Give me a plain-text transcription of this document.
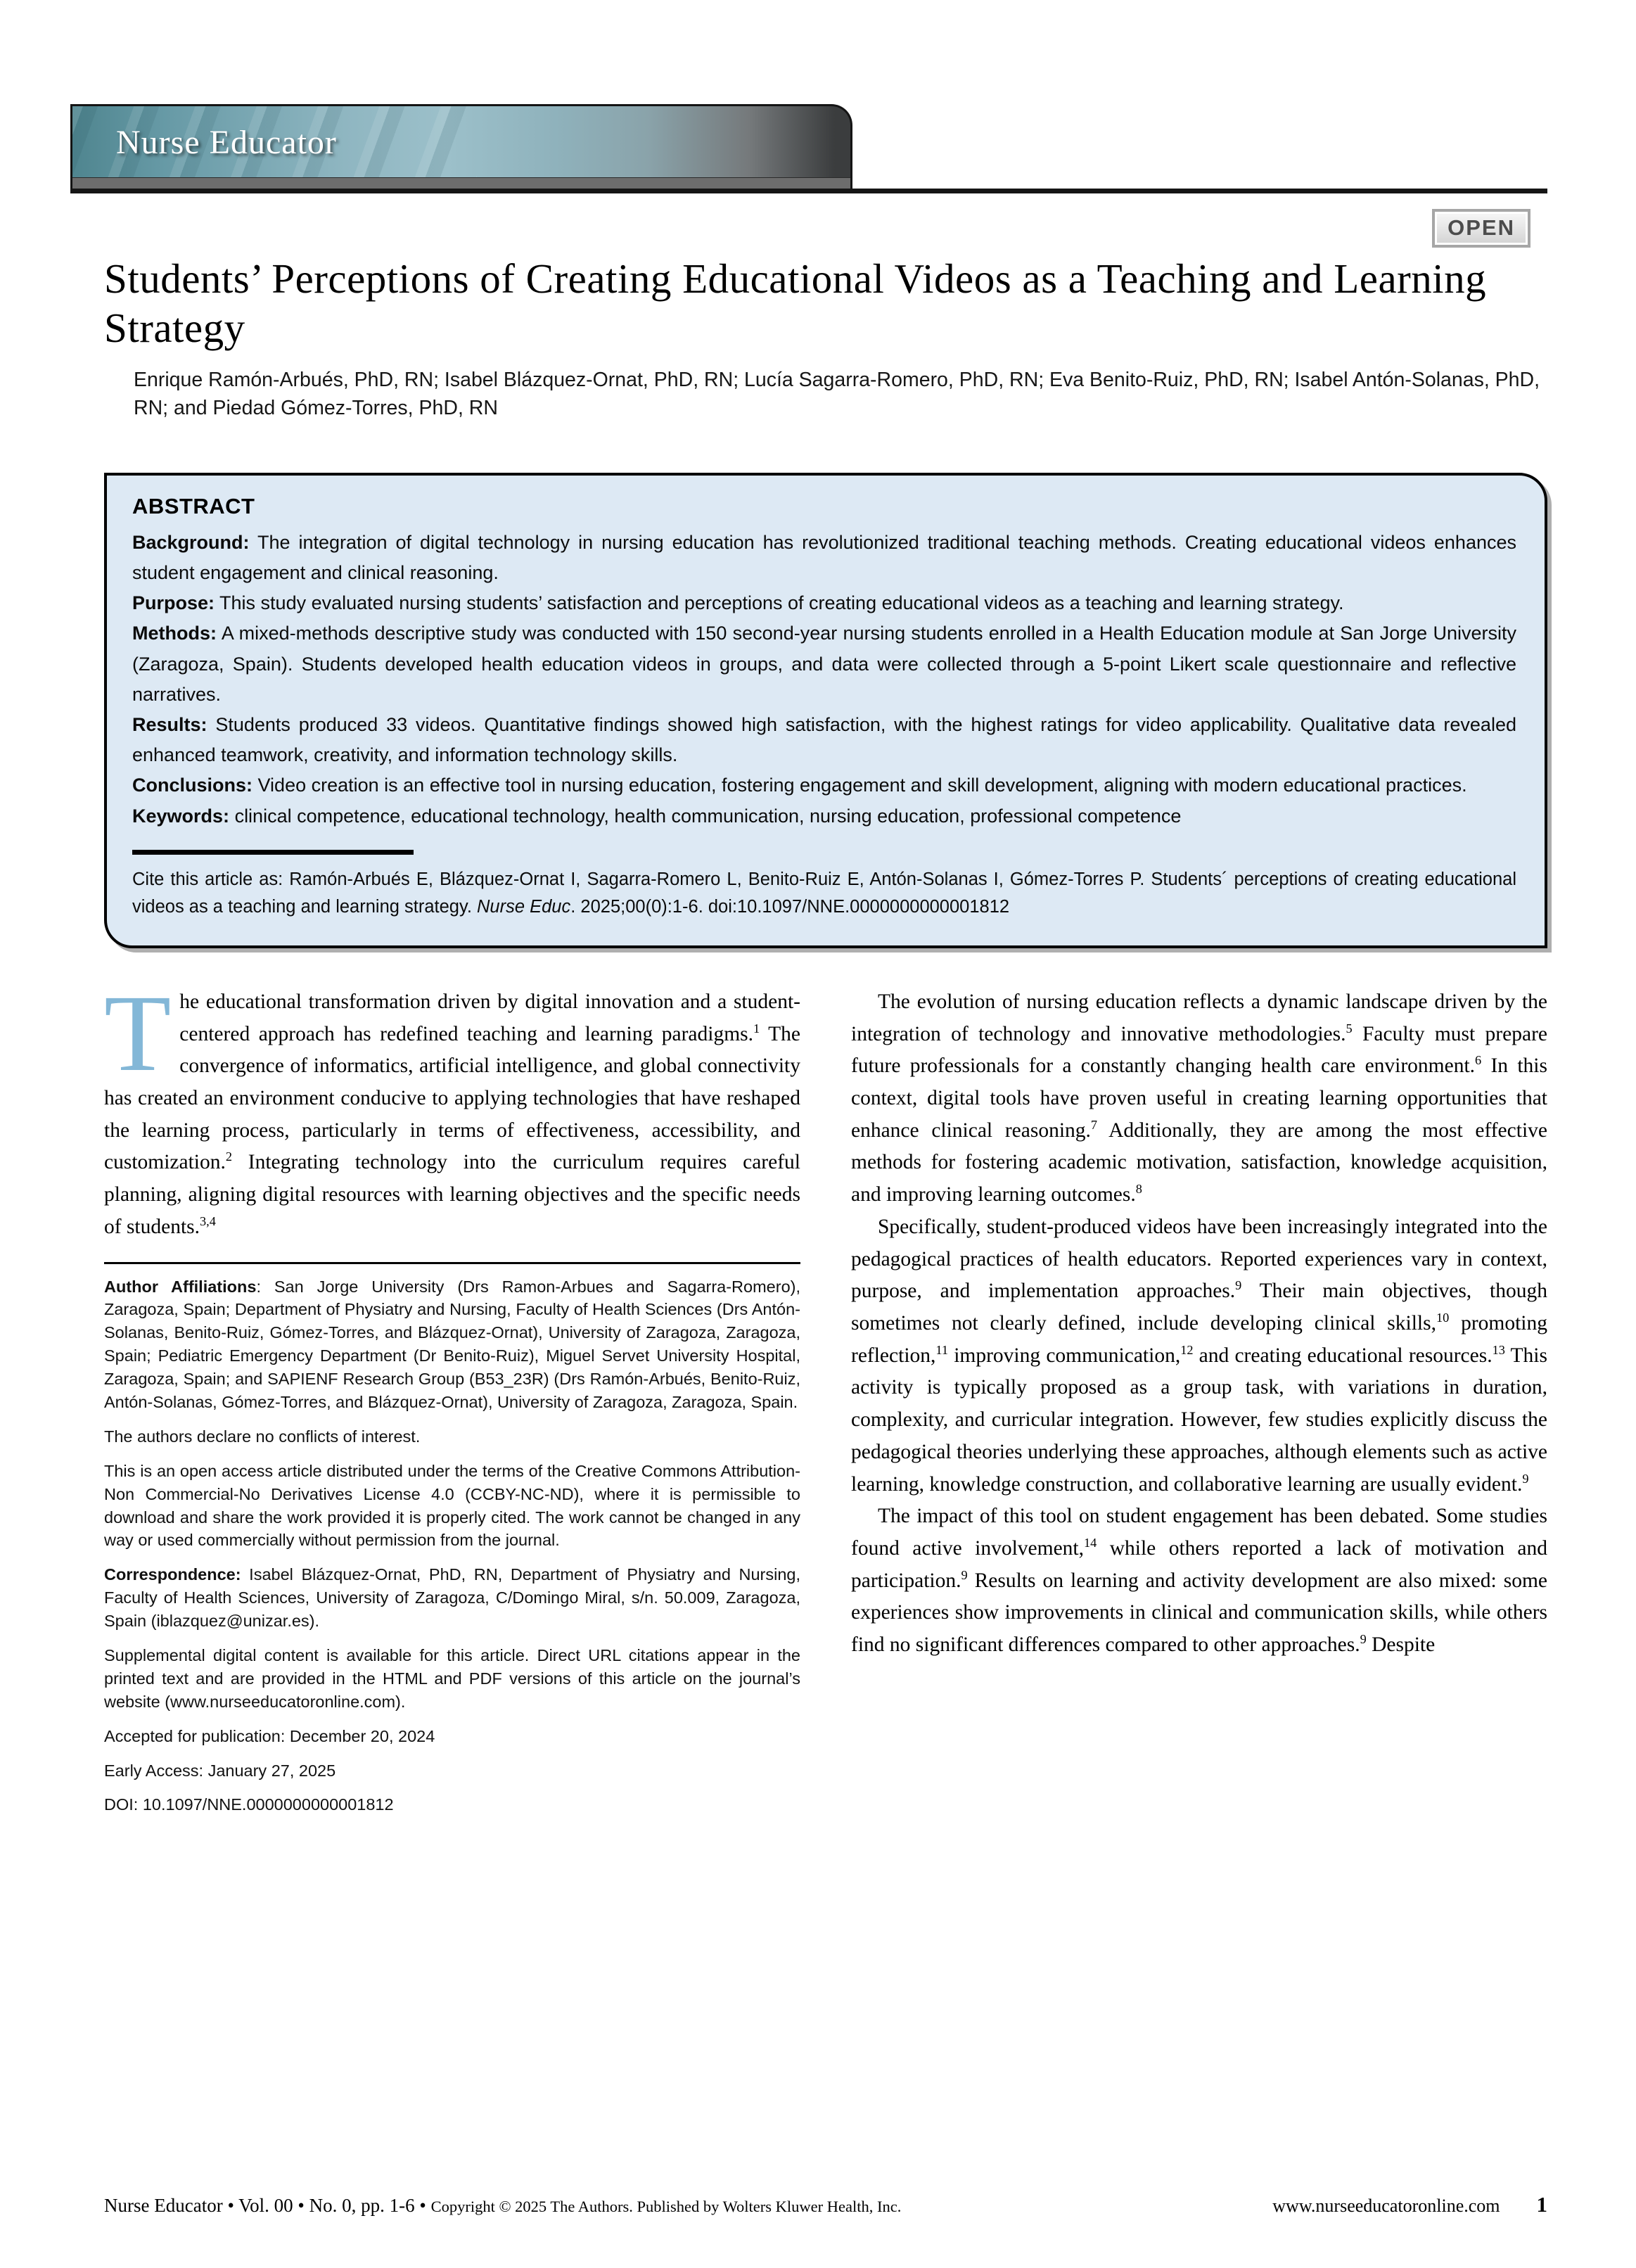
Nurse Educator
OPEN
Students’ Perceptions of Creating Educational Videos as a Teaching and Learning Strategy

Enrique Ramón-Arbués, PhD, RN; Isabel Blázquez-Ornat, PhD, RN; Lucía Sagarra-Romero, PhD, RN; Eva Benito-Ruiz, PhD, RN; Isabel Antón-Solanas, PhD, RN; and Piedad Gómez-Torres, PhD, RN

ABSTRACT

Background: The integration of digital technology in nursing education has revolutionized traditional teaching methods. Creating educational videos enhances student engagement and clinical reasoning.

Purpose: This study evaluated nursing students’ satisfaction and perceptions of creating educational videos as a teaching and learning strategy.

Methods: A mixed-methods descriptive study was conducted with 150 second-year nursing students enrolled in a Health Education module at San Jorge University (Zaragoza, Spain). Students developed health education videos in groups, and data were collected through a 5-point Likert scale questionnaire and reflective narratives.

Results: Students produced 33 videos. Quantitative findings showed high satisfaction, with the highest ratings for video applicability. Qualitative data revealed enhanced teamwork, creativity, and information technology skills.

Conclusions: Video creation is an effective tool in nursing education, fostering engagement and skill development, aligning with modern educational practices.

Keywords: clinical competence, educational technology, health communication, nursing education, professional competence

Cite this article as: Ramón-Arbués E, Blázquez-Ornat I, Sagarra-Romero L, Benito-Ruiz E, Antón-Solanas I, Gómez-Torres P. Students´ perceptions of creating educational videos as a teaching and learning strategy. Nurse Educ. 2025;00(0):1-6. doi:10.1097/NNE.0000000000001812

The educational transformation driven by digital innovation and a student-centered approach has redefined teaching and learning paradigms.$^1$ The convergence of informatics, artificial intelligence, and global connectivity has created an environment conducive to applying technologies that have reshaped the learning process, particularly in terms of effectiveness, accessibility, and customization.$^2$ Integrating technology into the curriculum requires careful planning, aligning digital resources with learning objectives and the specific needs of students.$^{3,4}$

Author Affiliations: San Jorge University (Drs Ramon-Arbues and Sagarra-Romero), Zaragoza, Spain; Department of Physiatry and Nursing, Faculty of Health Sciences (Drs Antón-Solanas, Benito-Ruiz, Gómez-Torres, and Blázquez-Ornat), University of Zaragoza, Zaragoza, Spain; Pediatric Emergency Department (Dr Benito-Ruiz), Miguel Servet University Hospital, Zaragoza, Spain; and SAPIENF Research Group (B53_23R) (Drs Ramón-Arbués, Benito-Ruiz, Antón-Solanas, Gómez-Torres, and Blázquez-Ornat), University of Zaragoza, Zaragoza, Spain.

The authors declare no conflicts of interest.

This is an open access article distributed under the terms of the Creative Commons Attribution-Non Commercial-No Derivatives License 4.0 (CCBY-NC-ND), where it is permissible to download and share the work provided it is properly cited. The work cannot be changed in any way or used commercially without permission from the journal.

Correspondence: Isabel Blázquez-Ornat, PhD, RN, Department of Physiatry and Nursing, Faculty of Health Sciences, University of Zaragoza, C/Domingo Miral, s/n. 50.009, Zaragoza, Spain (iblazquez@unizar.es).

Supplemental digital content is available for this article. Direct URL citations appear in the printed text and are provided in the HTML and PDF versions of this article on the journal’s website (www.nurseeducatoronline.com).

Accepted for publication: December 20, 2024

Early Access: January 27, 2025

DOI: 10.1097/NNE.0000000000001812

The evolution of nursing education reflects a dynamic landscape driven by the integration of technology and innovative methodologies.$^5$ Faculty must prepare future professionals for a constantly changing health care environment.$^6$ In this context, digital tools have proven useful in creating learning opportunities that enhance clinical reasoning.$^7$ Additionally, they are among the most effective methods for fostering academic motivation, satisfaction, knowledge acquisition, and improving learning outcomes.$^8$

Specifically, student-produced videos have been increasingly integrated into the pedagogical practices of health educators. Reported experiences vary in context, purpose, and implementation approaches.$^9$ Their main objectives, though sometimes not clearly defined, include developing clinical skills,$^{10}$ promoting reflection,$^{11}$ improving communication,$^{12}$ and creating educational resources.$^{13}$ This activity is typically proposed as a group task, with variations in duration, complexity, and curricular integration. However, few studies explicitly discuss the pedagogical theories underlying these approaches, although elements such as active learning, knowledge construction, and collaborative learning are usually evident.$^9$

The impact of this tool on student engagement has been debated. Some studies found active involvement,$^{14}$ while others reported a lack of motivation and participation.$^9$ Results on learning and activity development are also mixed: some experiences show improvements in clinical and communication skills, while others find no significant differences compared to other approaches.$^9$ Despite

Nurse Educator • Vol. 00 • No. 0, pp. 1-6 • Copyright © 2025 The Authors. Published by Wolters Kluwer Health, Inc.	www.nurseeducatoronline.com 1
